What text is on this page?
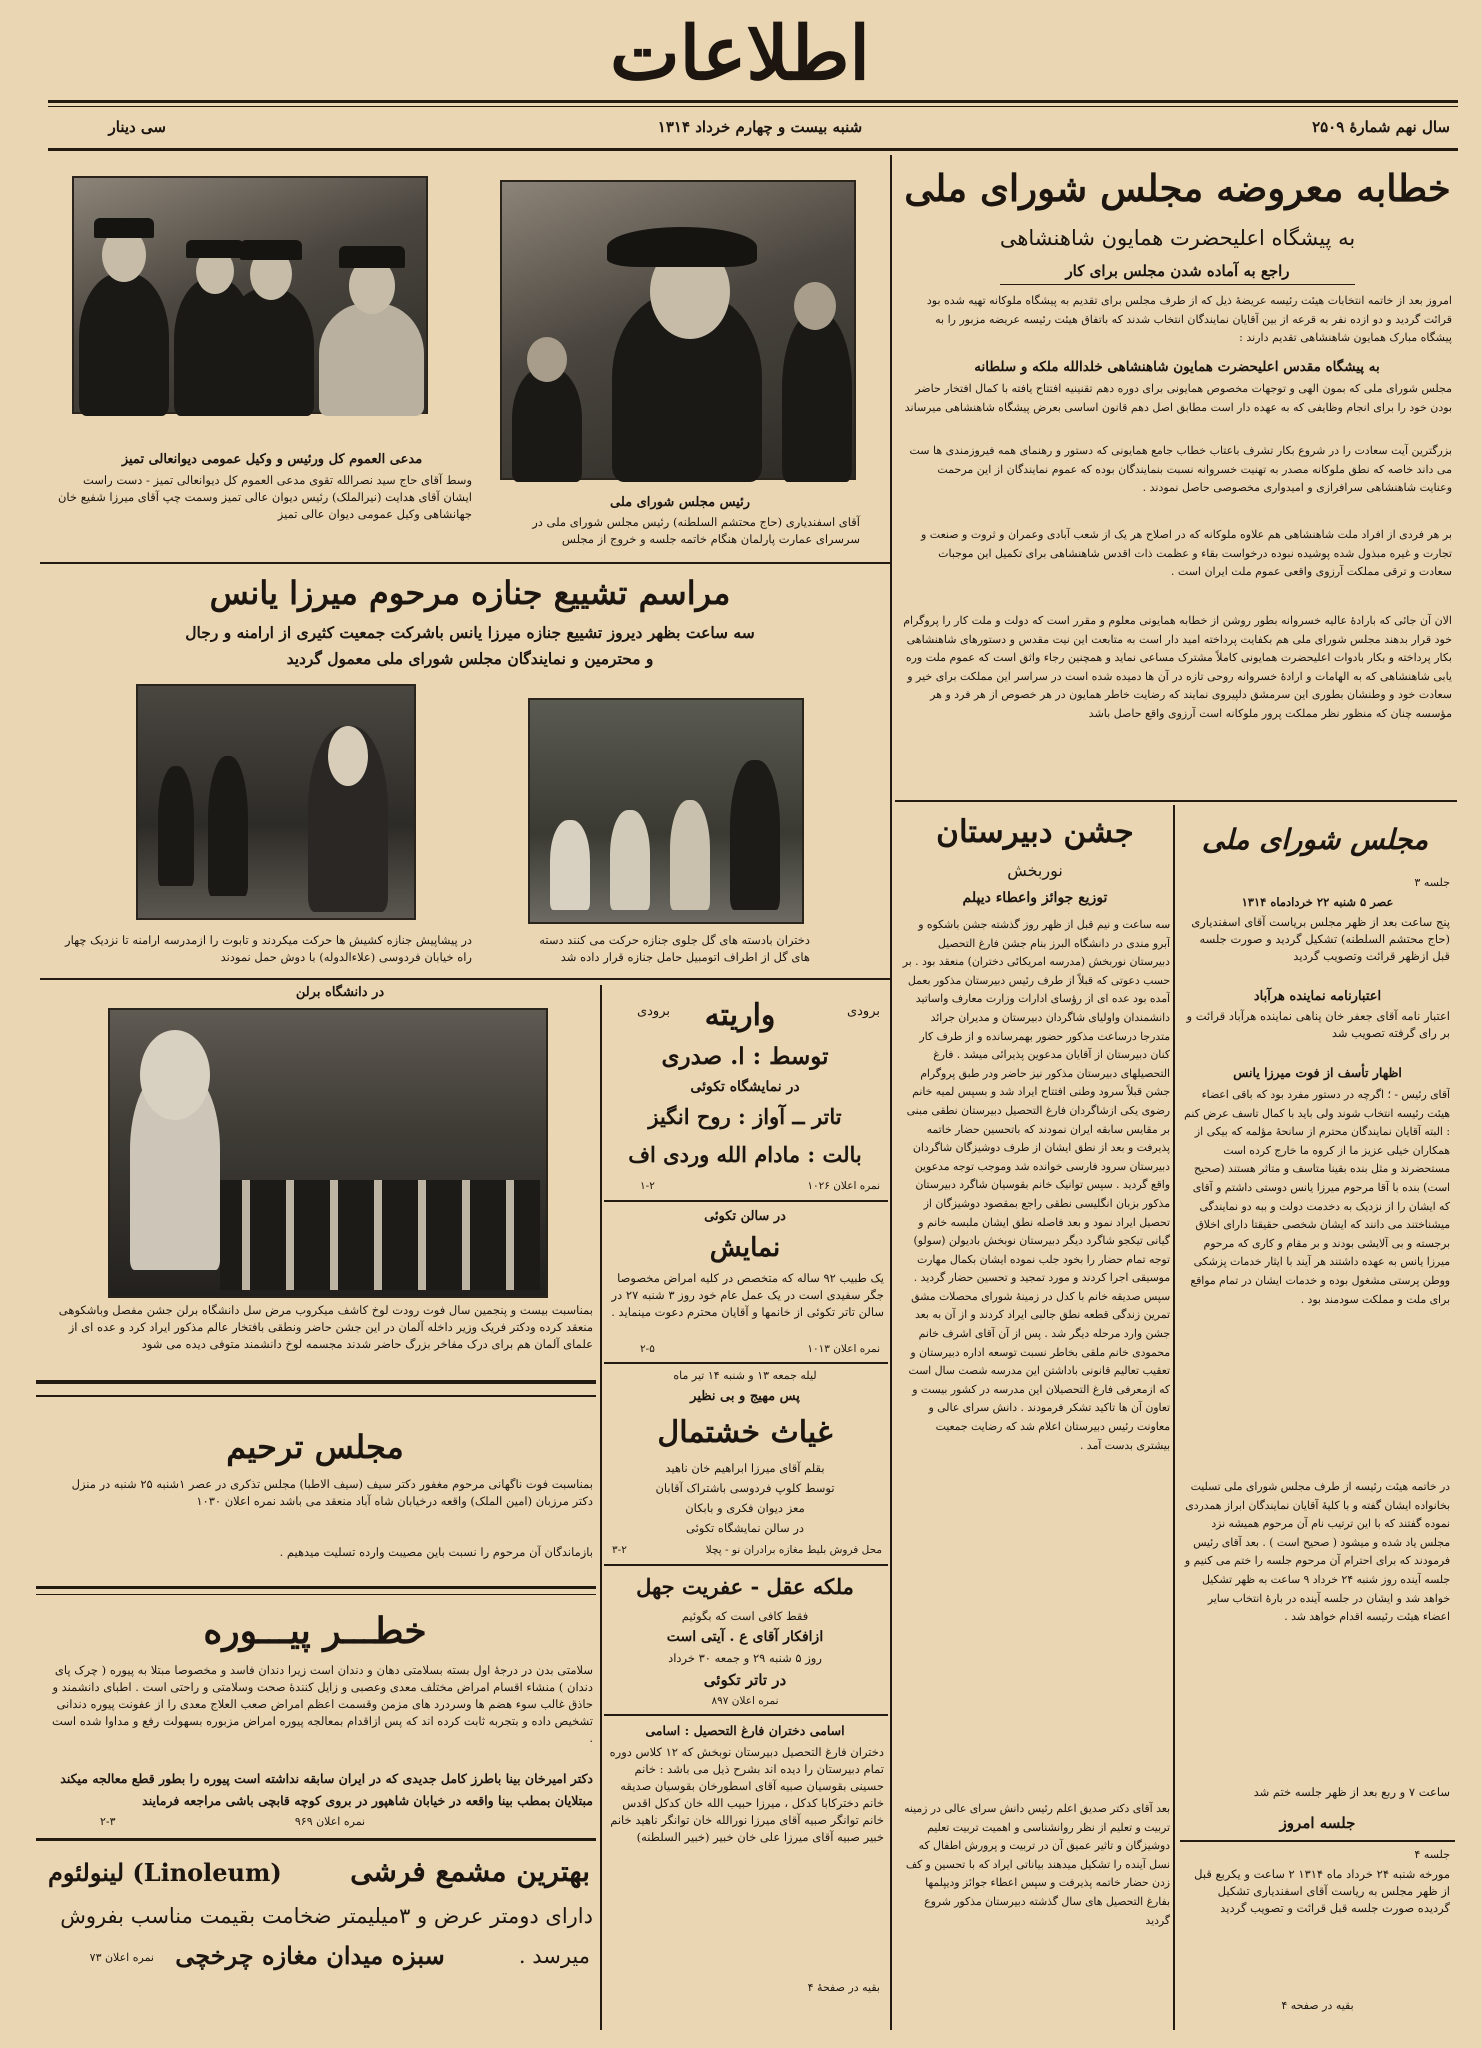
اطلاعات
سال نهم شمارهٔ ۲۵۰۹
شنبه بیست و چهارم خرداد ۱۳۱۴
سی دینار
خطابه معروضه مجلس شورای ملی
به پیشگاه اعلیحضرت همایون شاهنشاهی
راجع به آماده شدن مجلس برای کار
امروز بعد از خاتمه انتخابات هیئت رئیسه عریضهٔ ذیل که از طرف مجلس برای تقدیم به پیشگاه ملوکانه تهیه شده بود قرائت گردید و دو ازده نفر به قرعه از بین آقایان نمایندگان انتخاب شدند که باتفاق هیئت رئیسه عریضه مزبور را به پیشگاه مبارک همایون شاهنشاهی تقدیم دارند :
به پیشگاه مقدس اعلیحضرت همایون شاهنشاهی خلدالله ملکه و سلطانه
مجلس شورای ملی که بمون الهی و توجهات مخصوص همایونی برای دوره دهم تقنینیه افتتاح یافته با کمال افتخار حاضر بودن خود را برای انجام وظایفی که به عهده دار است مطابق اصل دهم قانون اساسی بعرض پیشگاه شاهنشاهی میرساند
بزرگترین آیت سعادت را در شروع بکار تشرف باعتاب خطاب جامع همایونی که دستور و رهنمای همه فیروزمندی ها ست می داند خاصه که نطق ملوکانه مصدر به تهنیت خسروانه نسبت بنمایندگان بوده که عموم نمایندگان از این مرحمت وعنایت شاهنشاهی سرافرازی و امیدواری مخصوصی حاصل نمودند .
بر هر فردی از افراد ملت شاهنشاهی هم علاوه ملوکانه که در اصلاح هر یک از شعب آبادی وعمران و ثروت و صنعت و تجارت و غیره مبذول شده پوشیده نبوده درخواست بقاء و عظمت ذات اقدس شاهنشاهی برای تکمیل این موجبات سعادت و ترقی مملکت آرزوی واقعی عموم ملت ایران است .
الان آن جائی که بارادهٔ عالیه خسروانه بطور روشن از خطابه همایونی معلوم و مقرر است که دولت و ملت کار را پروگرام خود قرار بدهند مجلس شورای ملی هم بکفایت پرداخته امید دار است به متابعت این نیت مقدس و دستورهای شاهنشاهی بکار پرداخته و بکار بادوات اعلیحضرت همایونی کاملاً مشترک مساعی نماید و همچنین رجاء واثق است که عموم ملت وره یابی شاهنشاهی که به الهامات و ارادهٔ خسروانه روحی تازه در آن ها دمیده شده است در سراسر این مملکت برای خیر و سعادت خود و وطنشان بطوری این سرمشق دلپیروی نمایند که رضایت خاطر همایون در هر خصوص از هر فرد و هر مؤسسه چنان که منظور نظر مملکت پرور ملوکانه است آرزوی واقع حاصل باشد
رئیس مجلس شورای ملی
آقای اسفندیاری (حاج محتشم السلطنه) رئیس مجلس شورای ملی در سرسرای عمارت پارلمان هنگام خاتمه جلسه و خروج از مجلس
مدعی العموم کل ورئیس و وکیل عمومی دیوانعالی تمیز
وسط آقای حاج سید نصرالله تقوی مدعی العموم کل دیوانعالی تمیز - دست راست ایشان آقای هدایت (نیرالملک) رئیس دیوان عالی تمیز وسمت چپ آقای میرزا شفیع خان جهانشاهی وکیل عمومی دیوان عالی تمیز
مراسم تشییع جنازه مرحوم میرزا یانس
سه ساعت بظهر دیروز تشییع جنازه میرزا یانس باشرکت جمعیت کثیری از ارامنه و رجال
و محترمین و نمایندگان مجلس شورای ملی معمول گردید
دختران بادسته های گل جلوی جنازه حرکت می کنند دسته های گل از اطراف اتومبیل حامل جنازه قرار داده شد
در پیشاپیش جنازه کشیش ها حرکت میکردند و تابوت را ازمدرسه ارامنه تا نزدیک چهار راه خیابان فردوسی (علاءالدوله) با دوش حمل نمودند
در دانشگاه برلن
بمناسبت بیست و پنجمین سال فوت رودت لوخ کاشف میکروب مرض سل دانشگاه برلن جشن مفصل وباشکوهی منعقد کرده ودکتر فریک وزیر داخله آلمان در این جشن حاضر ونطقی بافتخار عالم مذکور ایراد کرد و عده ای از علمای آلمان هم برای درک مفاخر بزرگ حاضر شدند مجسمه لوخ دانشمند متوفی دیده می شود
مجلس ترحیم
بمناسبت فوت ناگهانی مرحوم مغفور دکتر سیف (سیف الاطبا) مجلس تذکری در عصر ۱شنبه ۲۵ شنبه در منزل دکتر مرزبان (امین الملک) واقعه درخیابان شاه آباد منعقد می باشد نمره اعلان ۱۰۳۰
بازماندگان آن مرحوم را نسبت باین مصیبت وارده تسلیت میدهیم .
خطـــر پیـــوره
سلامتی بدن در درجهٔ اول بسته بسلامتی دهان و دندان است زیرا دندان فاسد و مخصوصا مبتلا به پیوره ( چرک پای دندان ) منشاء اقسام امراض مختلف معدی وعصبی و زایل کنندهٔ صحت وسلامتی و راحتی است . اطبای دانشمند و حاذق غالب سوء هضم ها وسردرد های مزمن وقسمت اعظم امراض صعب العلاج معدی را از عفونت پیوره دندانی تشخیص داده و بتجربه ثابت کرده اند که پس ازاقدام بمعالجه پیوره امراض مزبوره بسهولت رفع و مداوا شده است .
دکتر امیرخان بینا باطرز کامل جدیدی که در ایران سابقه نداشته است پیوره را بطور قطع معالجه میکند
مبتلایان بمطب بینا واقعه در خیابان شاهپور در بروی کوچه قابچی باشی مراجعه فرمایند
نمره اعلان ۹۶۹
۲-۳
بهترین مشمع فرشی
(Linoleum) لینولئوم
دارای دومتر عرض و ۳میلیمتر ضخامت بقیمت مناسب بفروش
میرسد .
سبزه میدان مغازه چرخچی
نمره اعلان ۷۳
برودی	برودی
واریته
توسط : ا. صدری
در نمایشگاه تکوئی
تاتر ــ آواز : روح انگیز
بالت : مادام الله وردی اف
نمره اعلان ۱۰۲۶
۱-۲
در سالن تکوئی
نمایش
یک طبیب ۹۲ ساله که متخصص در کلیه امراض مخصوصا جگر سفیدی است در یک عمل عام خود روز ۳ شنبه ۲۷ در سالن تاتر تکوئی از خانمها و آقایان محترم دعوت مینماید .
نمره اعلان ۱۰۱۳
۲-۵
لیله جمعه ۱۳ و شنبه ۱۴ تیر ماه
پس مهیج و بی نظیر
غیاث خشتمال
بقلم آقای میرزا ابراهیم خان ناهید
توسط کلوپ فردوسی باشتراک آقابان
معز دیوان فکری و بابکان
در سالن نمایشگاه تکوئی
محل فروش بلیط مغازه برادران نو - پچلا
۳-۲
ملکه عقل - عفریت جهل
فقط کافی است که بگوئیم
ازافکار آقای ع . آیتی است
روز ۵ شنبه ۲۹ و جمعه ۳۰ خرداد
در تاتر تکوئی
نمره اعلان ۸۹۷
اسامی دختران فارغ التحصیل : اسامی
دختران فارغ التحصیل دبیرستان نوبخش که ۱۲ کلاس دوره تمام دبیرستان را دیده اند بشرح ذیل می باشد : خانم حسینی بقوسیان صبیه آقای اسطورخان بقوسیان صدیقه خانم دخترکابا کدکل ، میرزا حبیب الله خان کدکل اقدس خانم توانگر صبیه آقای میرزا نورالله خان توانگر ناهید خانم خبیر صبیه آقای میرزا علی خان خبیر (خبیر السلطنه)
بقیه در صفحهٔ ۴
جشن دبیرستان
نوربخش
توزیع جوائز واعطاء دیپلم
سه ساعت و نیم قبل از ظهر روز گذشته جشن باشکوه و آبرو مندی در دانشگاه البرز بنام جشن فارغ التحصیل دبیرستان نوربخش (مدرسه امریکائی دختران) منعقد بود . بر حسب دعوتی که قبلاً از طرف رئیس دبیرستان مذکور بعمل آمده بود عده ای از رؤسای ادارات وزارت معارف واساتید دانشمندان واولیای شاگردان دبیرستان و مدیران جرائد متدرجا درساعت مذکور حضور بهمرسانده و از طرف کار کنان دبیرستان از آقایان مدعوین پذیرائی میشد . فارغ التحصیلهای دبیرستان مذکور نیز حاضر ودر طبق پروگرام جشن قبلاً سرود وطنی افتتاح ایراد شد و بسپس لمیه خانم رضوی یکی ازشاگردان فارغ التحصیل دبیرستان نطقی مبنی بر مقایس سابقه ایران نمودند که باتحسین حضار خاتمه پذیرفت و بعد از نطق ایشان از طرف دوشیزگان شاگردان دبیرستان سرود فارسی خوانده شد وموجب توجه مدعوین واقع گردید . سپس توانیک خانم بقوسیان شاگرد دبیرستان مذکور بزبان انگلیسی نطقی راجع بمقصود دوشیزگان از تحصیل ایراد نمود و بعد فاصله نطق ایشان ملبسه خانم و گیانی تیکجو شاگرد دیگر دبیرستان نوبخش بادیولن (سولو) توجه تمام حضار را بخود جلب نموده ایشان بکمال مهارت موسیقی اجرا کردند و مورد تمجید و تحسین حضار گردید . سپس صدیقه خانم با کدل در زمینهٔ شورای محصلات مشق تمرین زندگی قطعه نطق جالبی ایراد کردند و از آن به بعد جشن وارد مرحله دیگر شد . پس از آن آقای اشرف خانم محمودی خانم ملقی بخاطر نسبت توسعه اداره دبیرستان و تعقیب تعالیم قانونی باداشتن این مدرسه شصت سال است که ازمعرفی فارغ التحصیلان این مدرسه در کشور بیست و تعاون آن ها تاکید تشکر فرمودند . دانش سرای عالی و معاونت رئیس دبیرستان اعلام شد که رضایت جمعیت بیشتری بدست آمد .
بعد آقای دکتر صدیق اعلم رئیس دانش سرای عالی در زمینه تربیت و تعلیم از نظر روانشناسی و اهمیت تربیت تعلیم دوشیزگان و تاثیر عمیق آن در تربیت و پرورش اطفال که نسل آینده را تشکیل میدهند بیاناتی ایراد که با تحسین و کف زدن حضار خاتمه پذیرفت و سپس اعطاء جوائز ودیپلمها بفارغ التحصیل های سال گذشته دبیرستان مذکور شروع گردید
مجلس شورای ملی
جلسه ۳
عصر ۵ شنبه ۲۲ خردادماه ۱۳۱۴
پنج ساعت بعد از ظهر مجلس بریاست آقای اسفندیاری (حاج محتشم السلطنه) تشکیل گردید و صورت جلسه قبل ازظهر قرائت وتصویب گردید
اعتبارنامه نماینده هرآباد
اعتبار نامه آقای جعفر خان پناهی نماینده هرآباد قرائت و بر رای گرفته تصویب شد
اظهار تأسف از فوت میرزا یانس
آقای رئیس - ؛ اگرچه در دستور مفرد بود که باقی اعضاء هیئت رئیسه انتخاب شوند ولی باید با کمال تاسف عرض کنم : البته آقایان نمایندگان محترم از سانحهٔ مؤلمه که بیکی از همکاران خیلی عزیز ما از کروه ما خارج کرده است مستحضرند و مثل بنده بقینا متاسف و متاثر هستند (صحیح است) بنده با آقا مرحوم میرزا یانس دوستی داشتم و آقای که ایشان را از نزدیک به دخدمت دولت و ببه دو نمایندگی میشناختند می دانند که ایشان شخصی حقیقتا دارای اخلاق برجسته و بی آلایشی بودند و بر مقام و کاری که مرحوم میرزا یانس به عهده داشتند هر آیند با ایثار خدمات پزشکی ووطن پرستی مشغول بوده و خدمات ایشان در تمام مواقع برای ملت و مملکت سودمند بود .
در خاتمه هیئت رئیسه از طرف مجلس شورای ملی تسلیت بخانواده ایشان گفته و با کلیهٔ آقایان نمایندگان ابراز همدردی نموده گفتند که با این ترتیب نام آن مرحوم همیشه نزد مجلس یاد شده و میشود ( صحیح است ) . بعد آقای رئیس فرمودند که برای احترام آن مرحوم جلسه را ختم می کنیم و جلسه آینده روز شنبه ۲۴ خرداد ۹ ساعت به ظهر تشکیل خواهد شد و ایشان در جلسه آینده در بارهٔ انتخاب سایر اعضاء هیئت رئیسه اقدام خواهد شد .
ساعت ۷ و ربع بعد از ظهر جلسه ختم شد
جلسه امروز
جلسه ۴
مورخه شنبه ۲۴ خرداد ماه ۱۳۱۴ ۲ ساعت و یکربع قبل از ظهر مجلس به ریاست آقای اسفندیاری تشکیل گردیده صورت جلسه قبل قرائت و تصویب گردید
بقیه در صفحه ۴
